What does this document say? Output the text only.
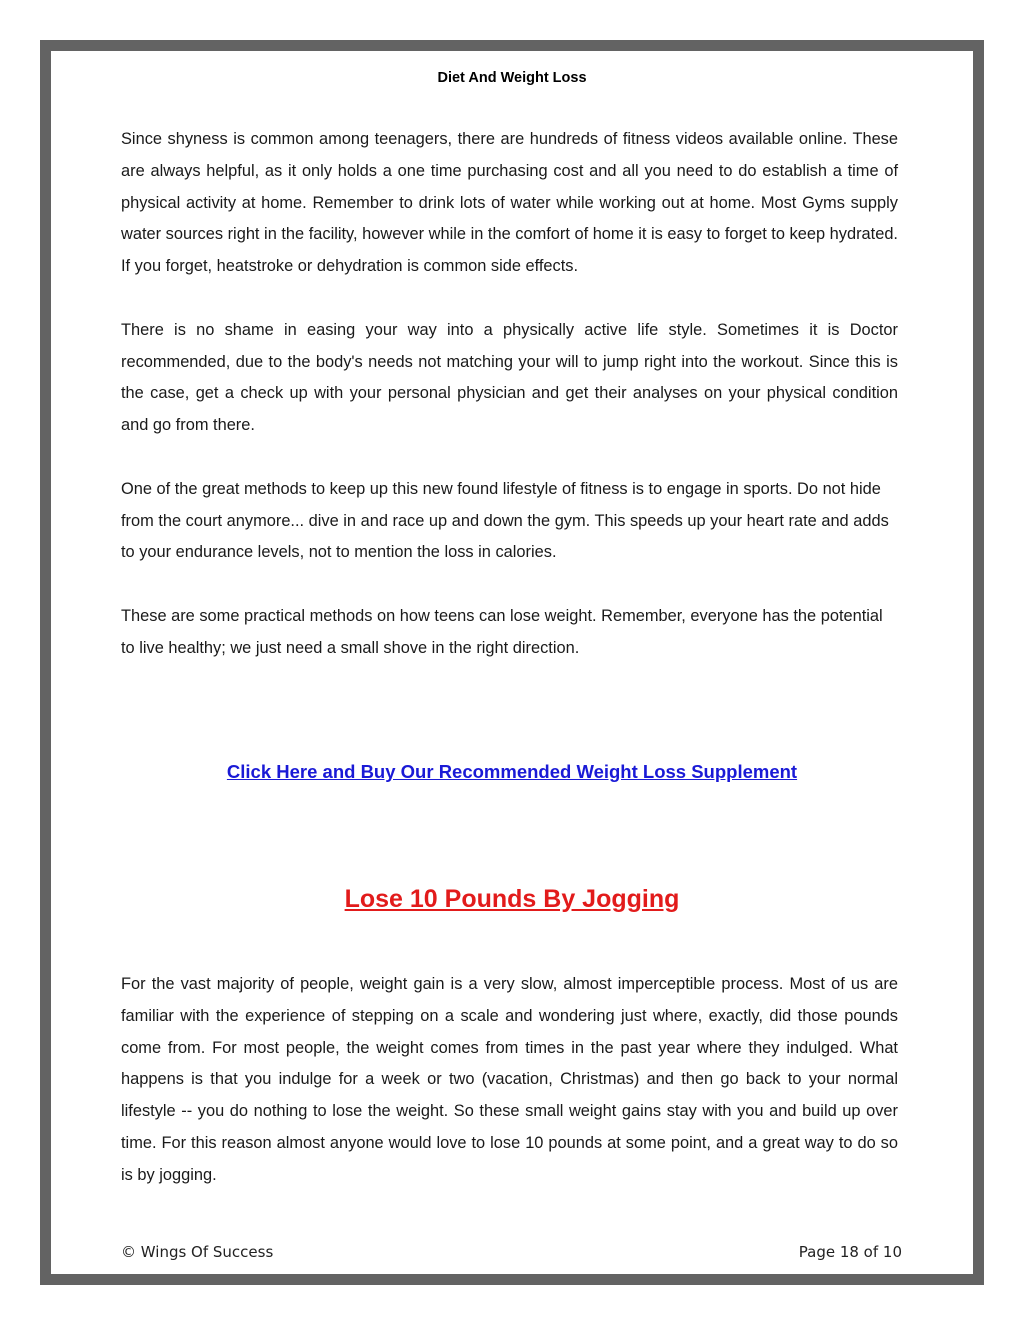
Diet And Weight Loss

Since shyness is common among teenagers, there are hundreds of fitness videos available online. These are always helpful, as it only holds a one time purchasing cost and all you need to do establish a time of physical activity at home. Remember to drink lots of water while working out at home. Most Gyms supply water sources right in the facility, however while in the comfort of home it is easy to forget to keep hydrated. If you forget, heatstroke or dehydration is common side effects.

There is no shame in easing your way into a physically active life style. Sometimes it is Doctor recommended, due to the body's needs not matching your will to jump right into the workout. Since this is the case, get a check up with your personal physician and get their analyses on your physical condition and go from there.

One of the great methods to keep up this new found lifestyle of fitness is to engage in sports. Do not hide from the court anymore... dive in and race up and down the gym. This speeds up your heart rate and adds to your endurance levels, not to mention the loss in calories.

These are some practical methods on how teens can lose weight. Remember, everyone has the potential to live healthy; we just need a small shove in the right direction.

Click Here and Buy Our Recommended Weight Loss Supplement
Lose 10 Pounds By Jogging

For the vast majority of people, weight gain is a very slow, almost imperceptible process. Most of us are familiar with the experience of stepping on a scale and wondering just where, exactly, did those pounds come from. For most people, the weight comes from times in the past year where they indulged. What happens is that you indulge for a week or two (vacation, Christmas) and then go back to your normal lifestyle -- you do nothing to lose the weight. So these small weight gains stay with you and build up over time. For this reason almost anyone would love to lose 10 pounds at some point, and a great way to do so is by jogging.

© Wings Of Success	Page 18 of 10
